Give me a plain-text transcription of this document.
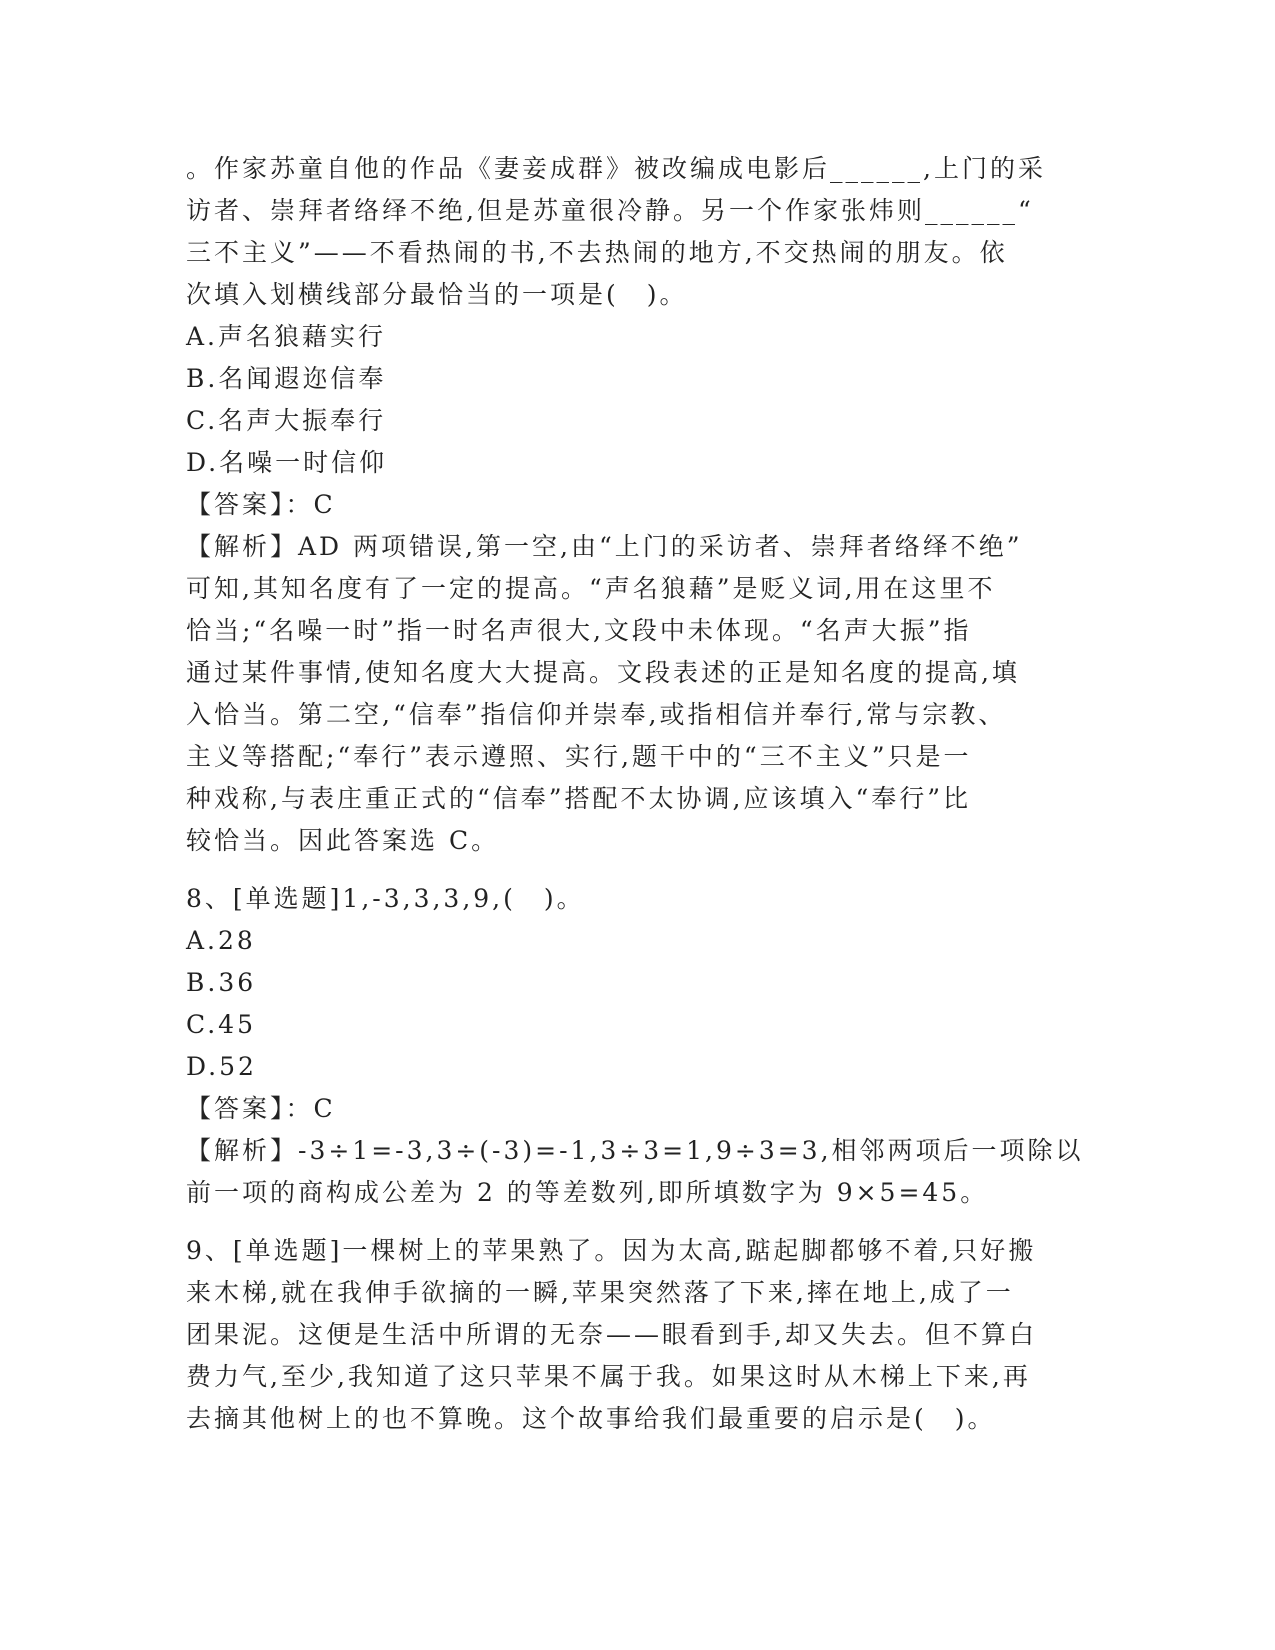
。作家苏童自他的作品《妻妾成群》被改编成电影后______,上门的采
访者、崇拜者络绎不绝,但是苏童很冷静。另一个作家张炜则______“
三不主义”——不看热闹的书,不去热闹的地方,不交热闹的朋友。依
次填入划横线部分最恰当的一项是(　)。
A.声名狼藉实行
B.名闻遐迩信奉
C.名声大振奉行
D.名噪一时信仰
【答案】：C
【解析】AD 两项错误,第一空,由“上门的采访者、崇拜者络绎不绝”
可知,其知名度有了一定的提高。“声名狼藉”是贬义词,用在这里不
恰当;“名噪一时”指一时名声很大,文段中未体现。“名声大振”指
通过某件事情,使知名度大大提高。文段表述的正是知名度的提高,填
入恰当。第二空,“信奉”指信仰并崇奉,或指相信并奉行,常与宗教、
主义等搭配;“奉行”表示遵照、实行,题干中的“三不主义”只是一
种戏称,与表庄重正式的“信奉”搭配不太协调,应该填入“奉行”比
较恰当。因此答案选 C。
8、[单选题]1,-3,3,3,9,(　)。
A.28
B.36
C.45
D.52
【答案】：C
【解析】-3÷1=-3,3÷(-3)=-1,3÷3=1,9÷3=3,相邻两项后一项除以
前一项的商构成公差为 2 的等差数列,即所填数字为 9×5=45。
9、[单选题]一棵树上的苹果熟了。因为太高,踮起脚都够不着,只好搬
来木梯,就在我伸手欲摘的一瞬,苹果突然落了下来,摔在地上,成了一
团果泥。这便是生活中所谓的无奈——眼看到手,却又失去。但不算白
费力气,至少,我知道了这只苹果不属于我。如果这时从木梯上下来,再
去摘其他树上的也不算晚。这个故事给我们最重要的启示是(　)。
